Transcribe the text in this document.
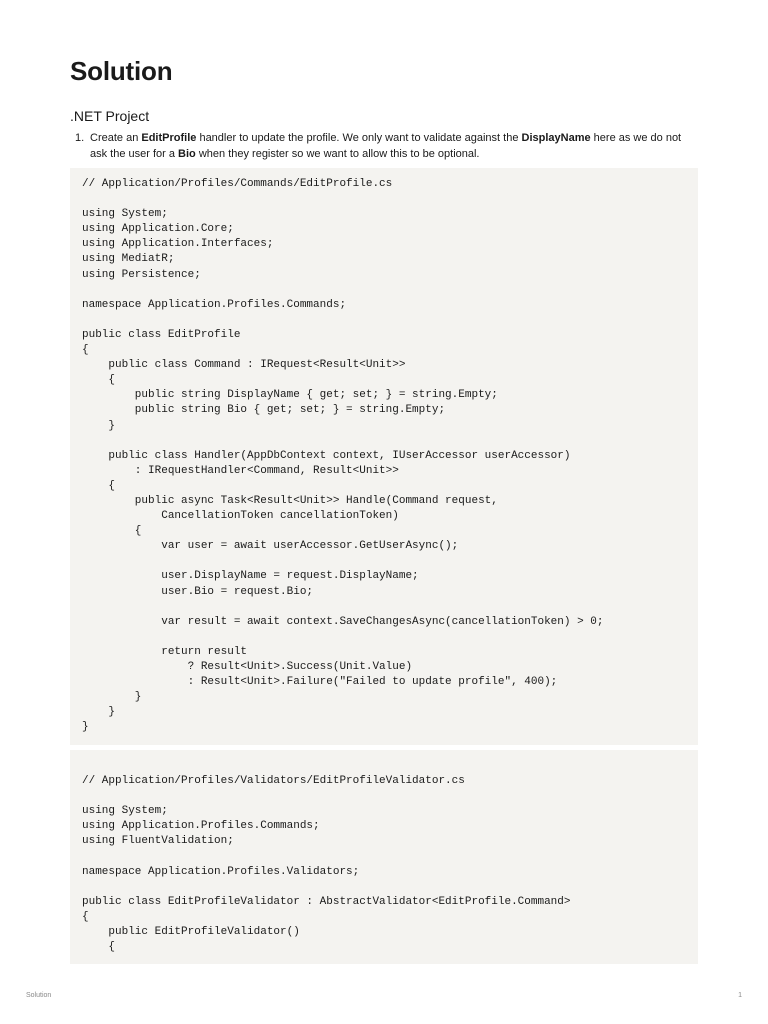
Solution
.NET Project
1. Create an EditProfile handler to update the profile. We only want to validate against the DisplayName here as we do not ask the user for a Bio when they register so we want to allow this to be optional.
// Application/Profiles/Commands/EditProfile.cs
using System;
using Application.Core;
using Application.Interfaces;
using MediatR;
using Persistence;
namespace Application.Profiles.Commands;
public class EditProfile
{
public class Command : IRequest<Result<Unit>>
{
public string DisplayName { get; set; } = string.Empty;
public string Bio { get; set; } = string.Empty;
}
public class Handler(AppDbContext context, IUserAccessor userAccessor)
: IRequestHandler<Command, Result<Unit>>
{
public async Task<Result<Unit>> Handle(Command request,
CancellationToken cancellationToken)
{
var user = await userAccessor.GetUserAsync();
user.DisplayName = request.DisplayName;
user.Bio = request.Bio;
var result = await context.SaveChangesAsync(cancellationToken) > 0;
return result
? Result<Unit>.Success(Unit.Value)
: Result<Unit>.Failure("Failed to update profile", 400);
}
}
}
// Application/Profiles/Validators/EditProfileValidator.cs
using System;
using Application.Profiles.Commands;
using FluentValidation;
namespace Application.Profiles.Validators;
public class EditProfileValidator : AbstractValidator<EditProfile.Command>
{
public EditProfileValidator()
{
Solution	1
